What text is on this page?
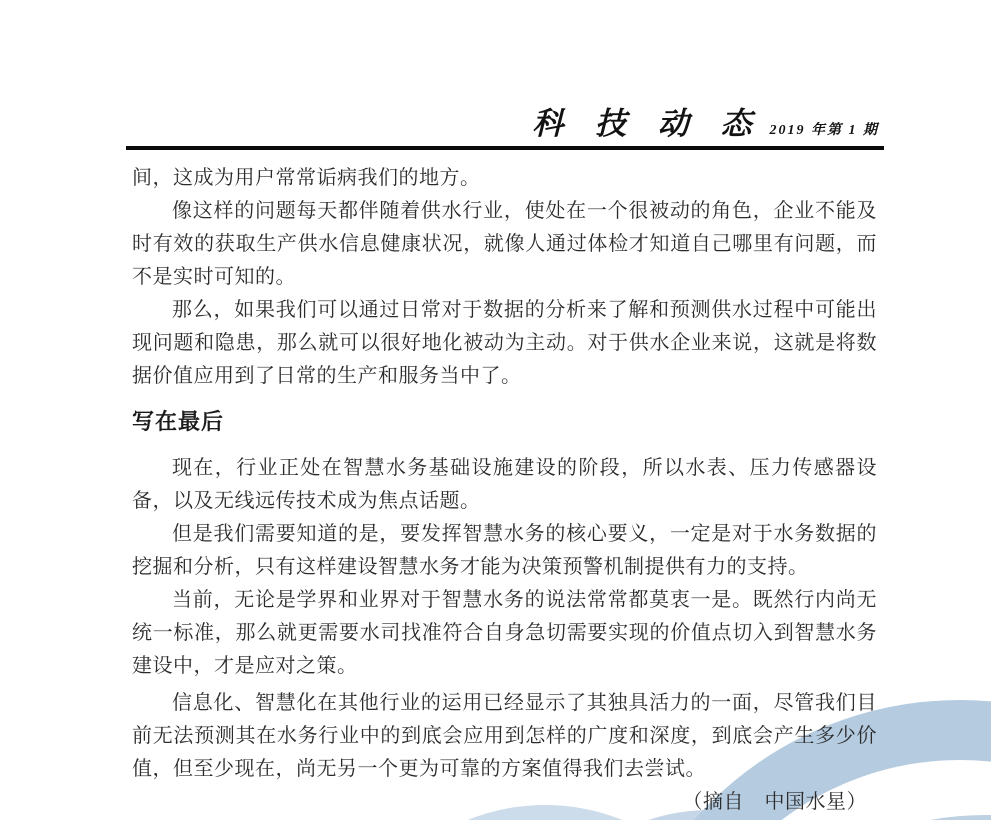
科 技 动 态 2019 年第 1 期

间，这成为用户常常诟病我们的地方。

像这样的问题每天都伴随着供水行业，使处在一个很被动的角色，企业不能及时有效的获取生产供水信息健康状况，就像人通过体检才知道自己哪里有问题，而不是实时可知的。

那么，如果我们可以通过日常对于数据的分析来了解和预测供水过程中可能出现问题和隐患，那么就可以很好地化被动为主动。对于供水企业来说，这就是将数据价值应用到了日常的生产和服务当中了。

写在最后

现在，行业正处在智慧水务基础设施建设的阶段，所以水表、压力传感器设备，以及无线远传技术成为焦点话题。

但是我们需要知道的是，要发挥智慧水务的核心要义，一定是对于水务数据的挖掘和分析，只有这样建设智慧水务才能为决策预警机制提供有力的支持。

当前，无论是学界和业界对于智慧水务的说法常常都莫衷一是。既然行内尚无统一标准，那么就更需要水司找准符合自身急切需要实现的价值点切入到智慧水务建设中，才是应对之策。

信息化、智慧化在其他行业的运用已经显示了其独具活力的一面，尽管我们目前无法预测其在水务行业中的到底会应用到怎样的广度和深度，到底会产生多少价值，但至少现在，尚无另一个更为可靠的方案值得我们去尝试。

（摘自　中国水星）
